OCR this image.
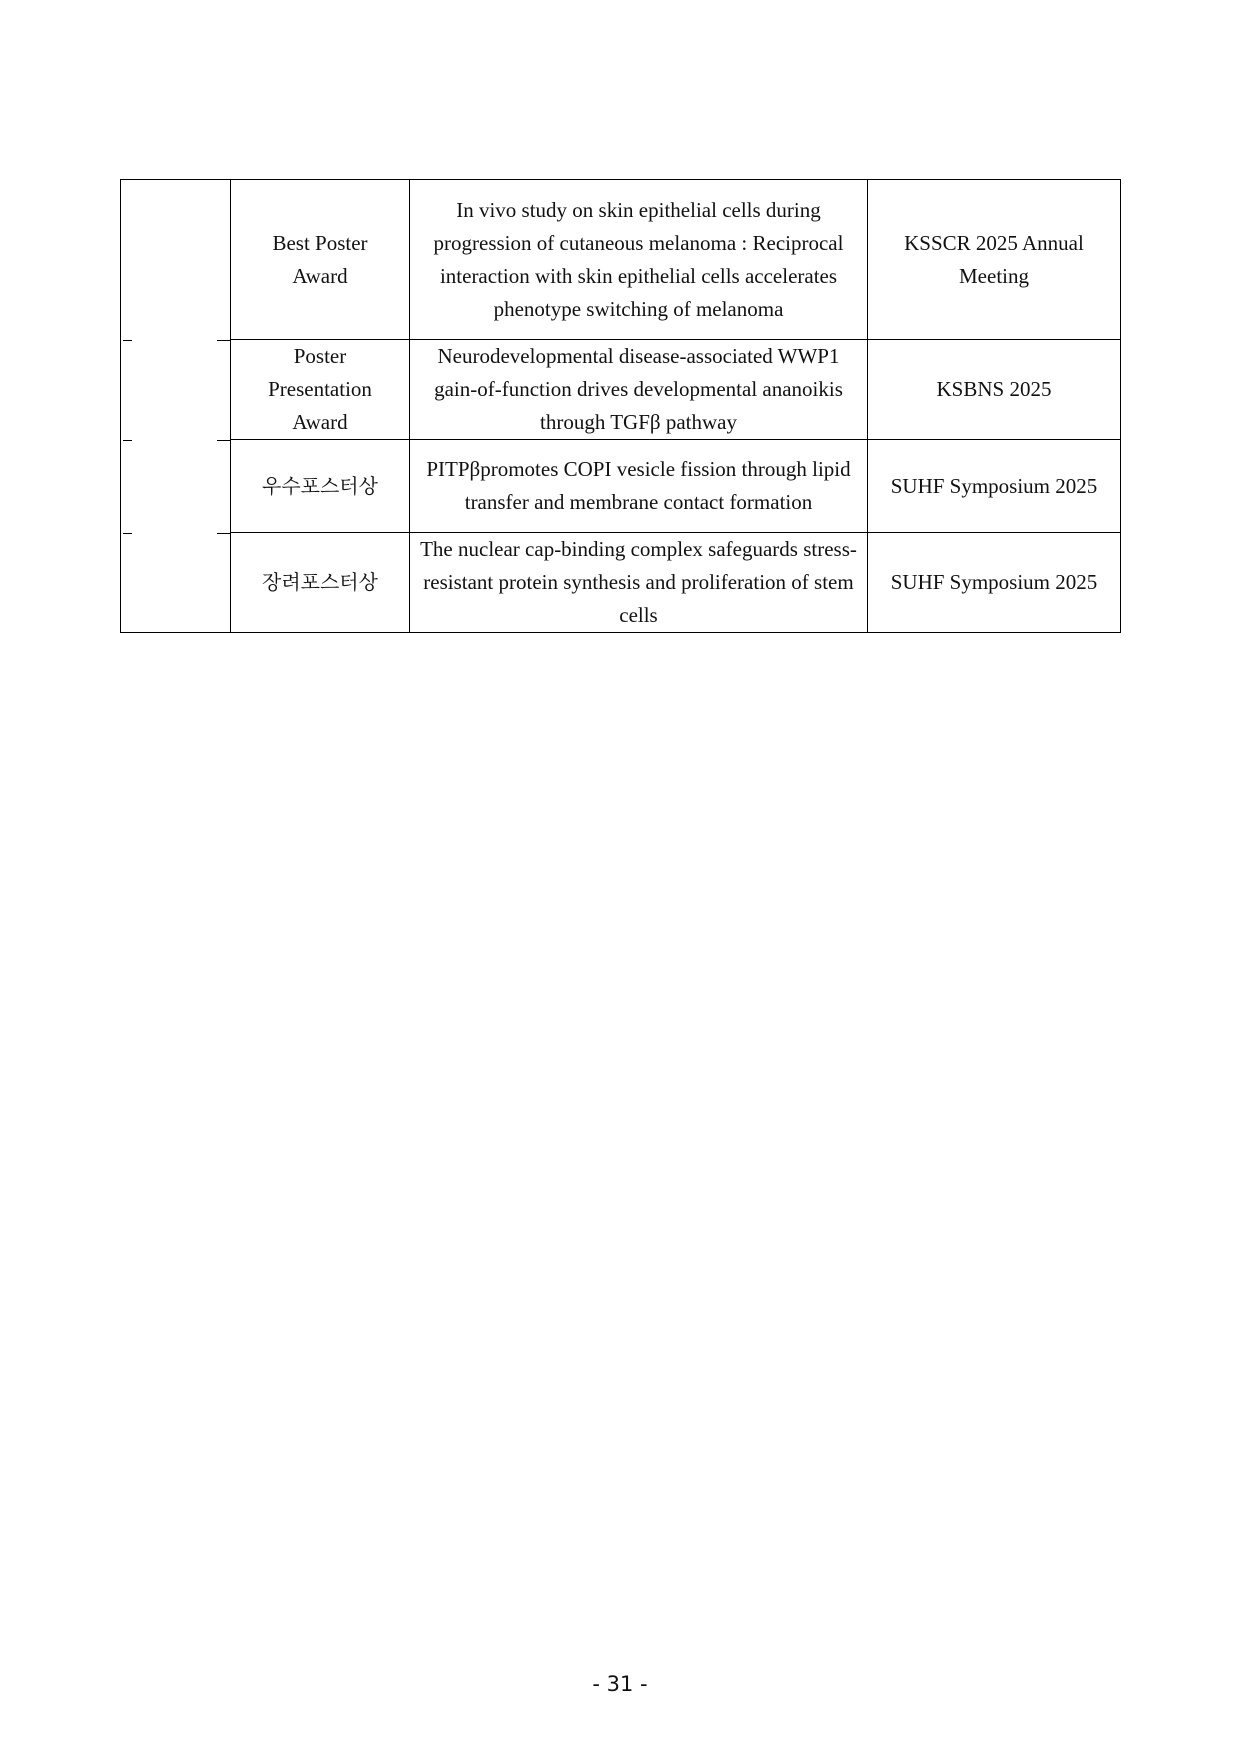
	Best Poster Award	In vivo study on skin epithelial cells during progression of cutaneous melanoma : Reciprocal interaction with skin epithelial cells accelerates phenotype switching of melanoma	KSSCR 2025 Annual Meeting

	Poster Presentation Award	Neurodevelopmental disease-associated WWP1 gain-of-function drives developmental ananoikis through TGFβ pathway	KSBNS 2025

	우수포스터상	PITPβpromotes COPI vesicle fission through lipid transfer and membrane contact formation	SUHF Symposium 2025

	장려포스터상	The nuclear cap-binding complex safeguards stress-resistant protein synthesis and proliferation of stem cells	SUHF Symposium 2025
- 31 -
